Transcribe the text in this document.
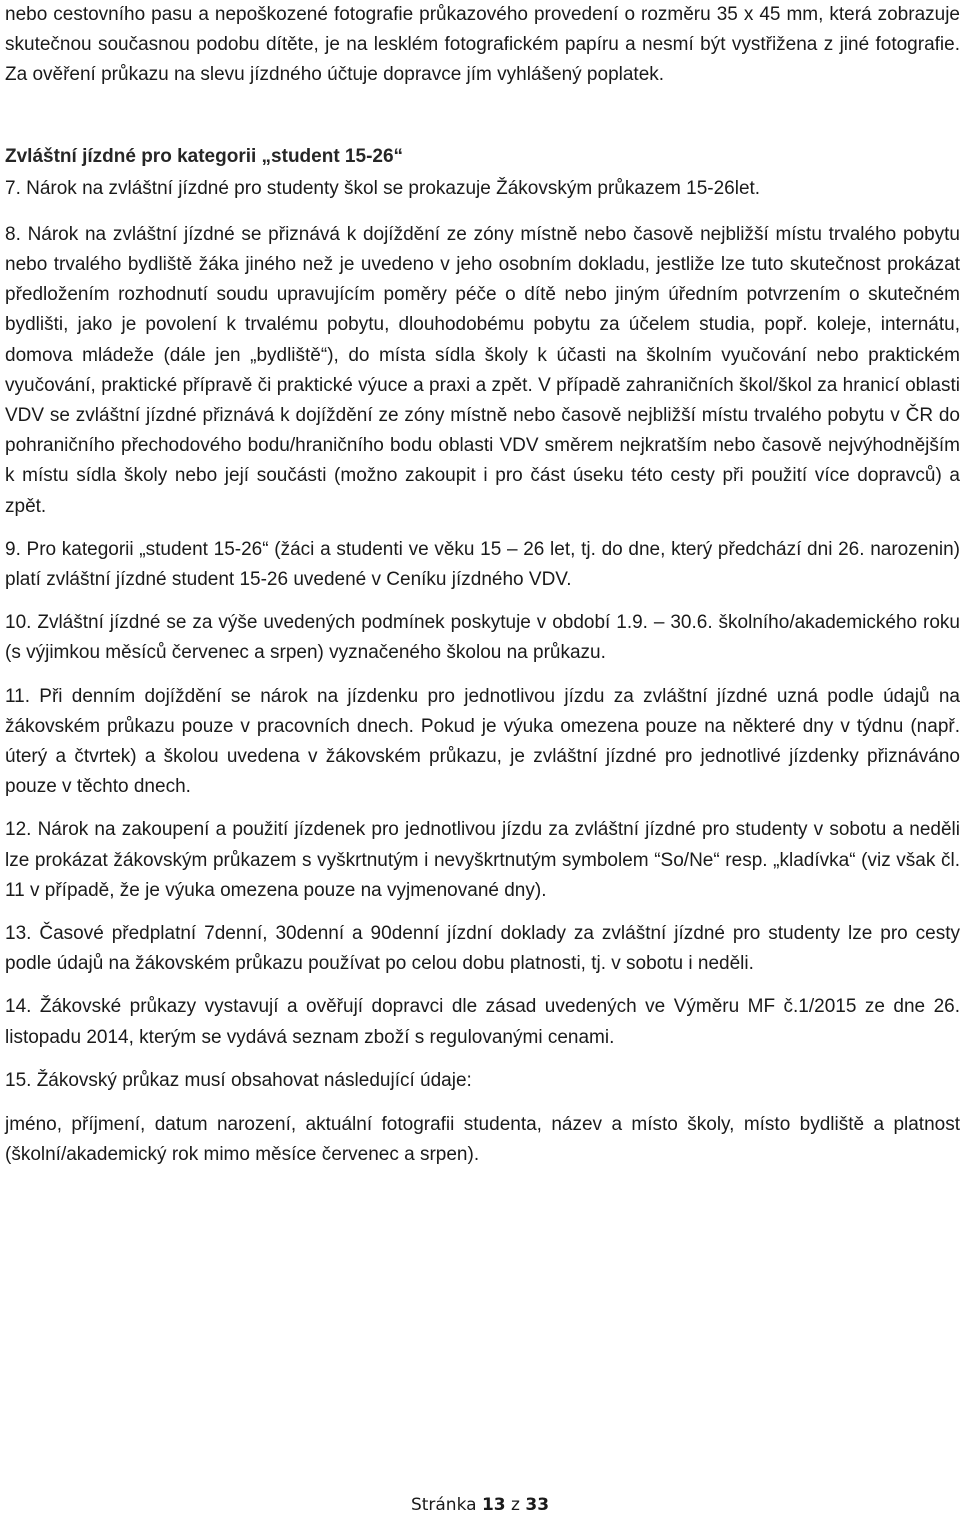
nebo cestovního pasu a nepoškozené fotografie průkazového provedení o rozměru 35 x 45 mm, která zobrazuje skutečnou současnou podobu dítěte, je na lesklém fotografickém papíru a nesmí být vystřižena z jiné fotografie. Za ověření průkazu na slevu jízdného účtuje dopravce jím vyhlášený poplatek.

Zvláštní jízdné pro kategorii „student 15-26“

7. Nárok na zvláštní jízdné pro studenty škol se prokazuje Žákovským průkazem 15-26let.

8. Nárok na zvláštní jízdné se přiznává k dojíždění ze zóny místně nebo časově nejbližší místu trvalého pobytu nebo trvalého bydliště žáka jiného než je uvedeno v jeho osobním dokladu, jestliže lze tuto skutečnost prokázat předložením rozhodnutí soudu upravujícím poměry péče o dítě nebo jiným úředním potvrzením o skutečném bydlišti, jako je povolení k trvalému pobytu, dlouhodobému pobytu za účelem studia, popř. koleje, internátu, domova mládeže (dále jen „bydliště“), do místa sídla školy k účasti na školním vyučování nebo praktickém vyučování, praktické přípravě či praktické výuce a praxi a zpět. V případě zahraničních škol/škol za hranicí oblasti VDV se zvláštní jízdné přiznává k dojíždění ze zóny místně nebo časově nejbližší místu trvalého pobytu v ČR do pohraničního přechodového bodu/hraničního bodu oblasti VDV směrem nejkratším nebo časově nejvýhodnějším k místu sídla školy nebo její součásti (možno zakoupit i pro část úseku této cesty při použití více dopravců) a zpět.

9. Pro kategorii „student 15-26“ (žáci a studenti ve věku 15 – 26 let, tj. do dne, který předchází dni 26. narozenin) platí zvláštní jízdné student 15-26 uvedené v Ceníku jízdného VDV.

10. Zvláštní jízdné se za výše uvedených podmínek poskytuje v období 1.9. – 30.6. školního/akademického roku (s výjimkou měsíců červenec a srpen) vyznačeného školou na průkazu.

11. Při denním dojíždění se nárok na jízdenku pro jednotlivou jízdu za zvláštní jízdné uzná podle údajů na žákovském průkazu pouze v pracovních dnech. Pokud je výuka omezena pouze na některé dny v týdnu (např. úterý a čtvrtek) a školou uvedena v žákovském průkazu, je zvláštní jízdné pro jednotlivé jízdenky přiznáváno pouze v těchto dnech.

12. Nárok na zakoupení a použití jízdenek pro jednotlivou jízdu za zvláštní jízdné pro studenty v sobotu a neděli lze prokázat žákovským průkazem s vyškrtnutým i nevyškrtnutým symbolem “So/Ne“ resp. „kladívka“ (viz však čl. 11 v případě, že je výuka omezena pouze na vyjmenované dny).

13. Časové předplatní 7denní, 30denní a 90denní jízdní doklady za zvláštní jízdné pro studenty lze pro cesty podle údajů na žákovském průkazu používat po celou dobu platnosti, tj. v sobotu i neděli.

14. Žákovské průkazy vystavují a ověřují dopravci dle zásad uvedených ve Výměru MF č.1/2015 ze dne 26. listopadu 2014, kterým se vydává seznam zboží s regulovanými cenami.

15. Žákovský průkaz musí obsahovat následující údaje:

jméno, příjmení, datum narození, aktuální fotografii studenta, název a místo školy, místo bydliště a platnost (školní/akademický rok mimo měsíce červenec a srpen).

Stránka 13 z 33
